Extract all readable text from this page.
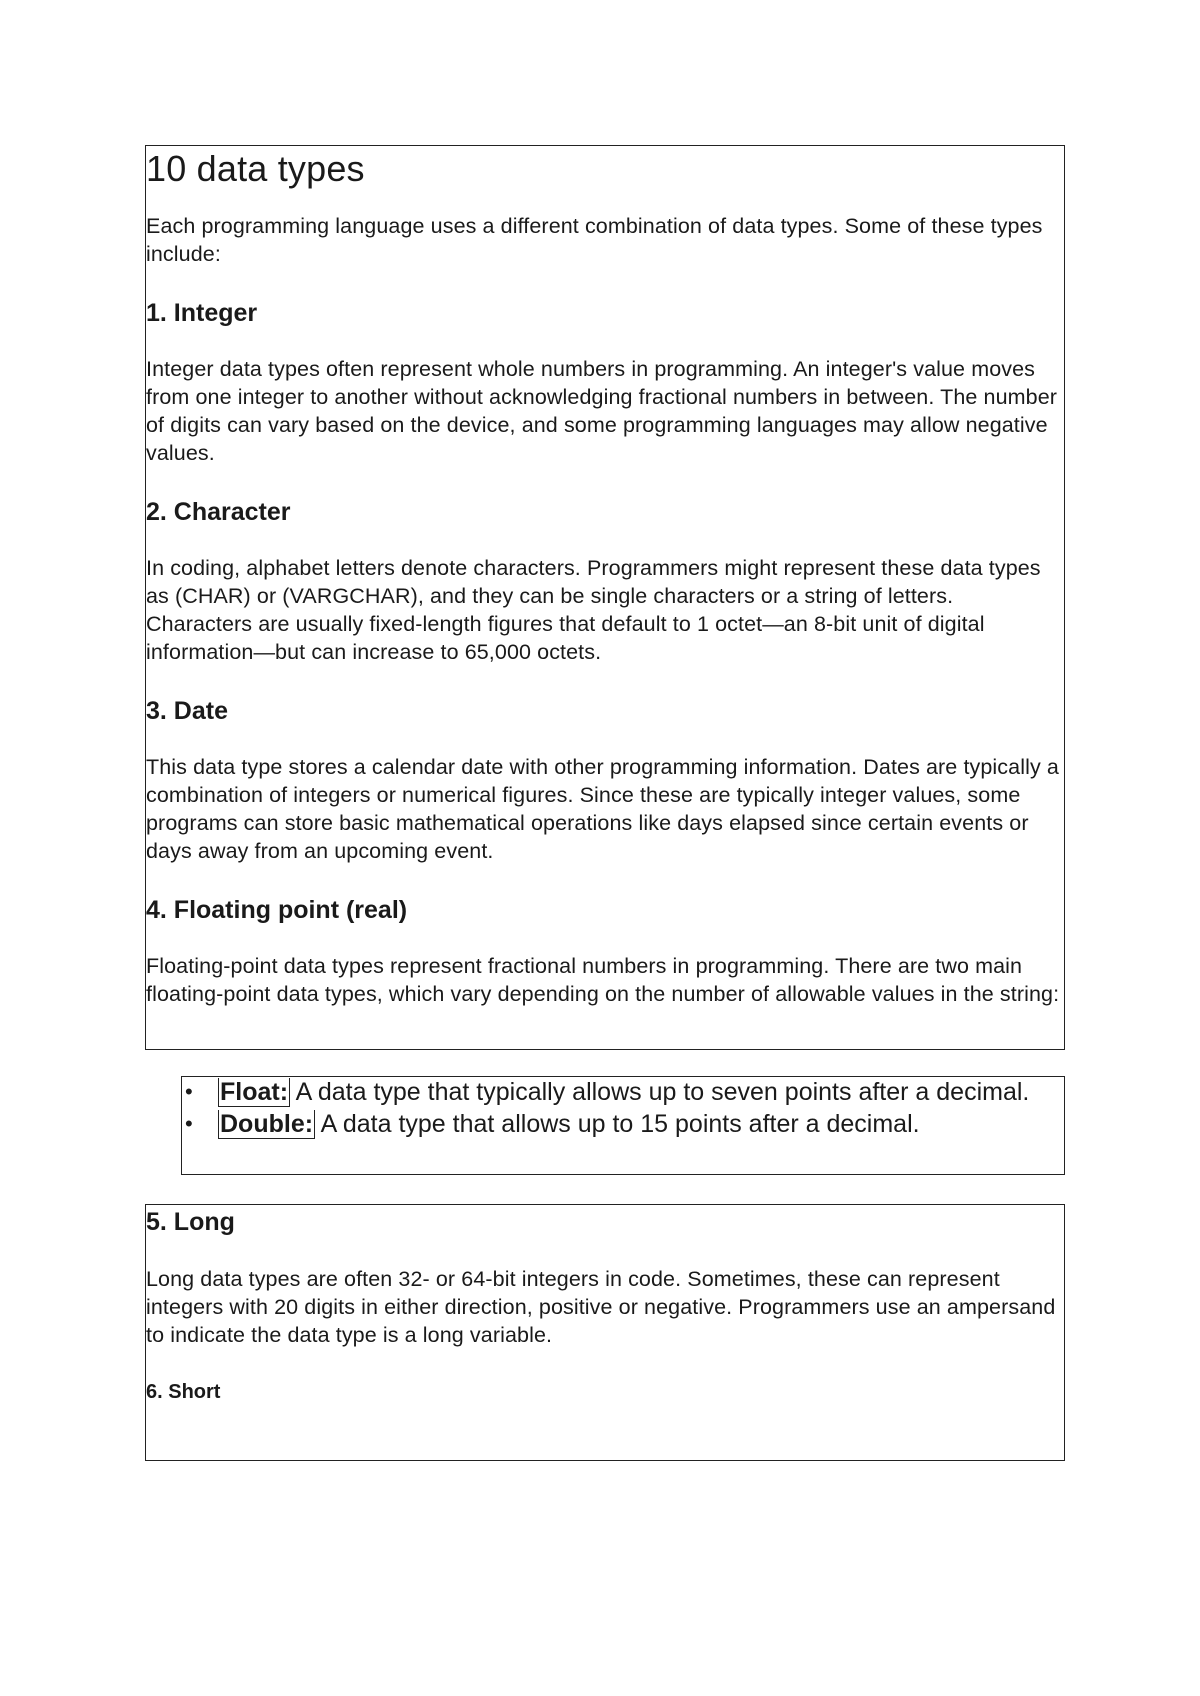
10 data types

Each programming language uses a different combination of data types. Some of these types include:

1. Integer

Integer data types often represent whole numbers in programming. An integer's value moves from one integer to another without acknowledging fractional numbers in between. The number of digits can vary based on the device, and some programming languages may allow negative values.

2. Character

In coding, alphabet letters denote characters. Programmers might represent these data types as (CHAR) or (VARGCHAR), and they can be single characters or a string of letters. Characters are usually fixed-length figures that default to 1 octet—an 8-bit unit of digital information—but can increase to 65,000 octets.

3. Date

This data type stores a calendar date with other programming information. Dates are typically a combination of integers or numerical figures. Since these are typically integer values, some programs can store basic mathematical operations like days elapsed since certain events or days away from an upcoming event.

4. Floating point (real)

Floating-point data types represent fractional numbers in programming. There are two main floating-point data types, which vary depending on the number of allowable values in the string:

• Float: A data type that typically allows up to seven points after a decimal.
• Double: A data type that allows up to 15 points after a decimal.
5. Long

Long data types are often 32- or 64-bit integers in code. Sometimes, these can represent integers with 20 digits in either direction, positive or negative. Programmers use an ampersand to indicate the data type is a long variable.

6. Short
